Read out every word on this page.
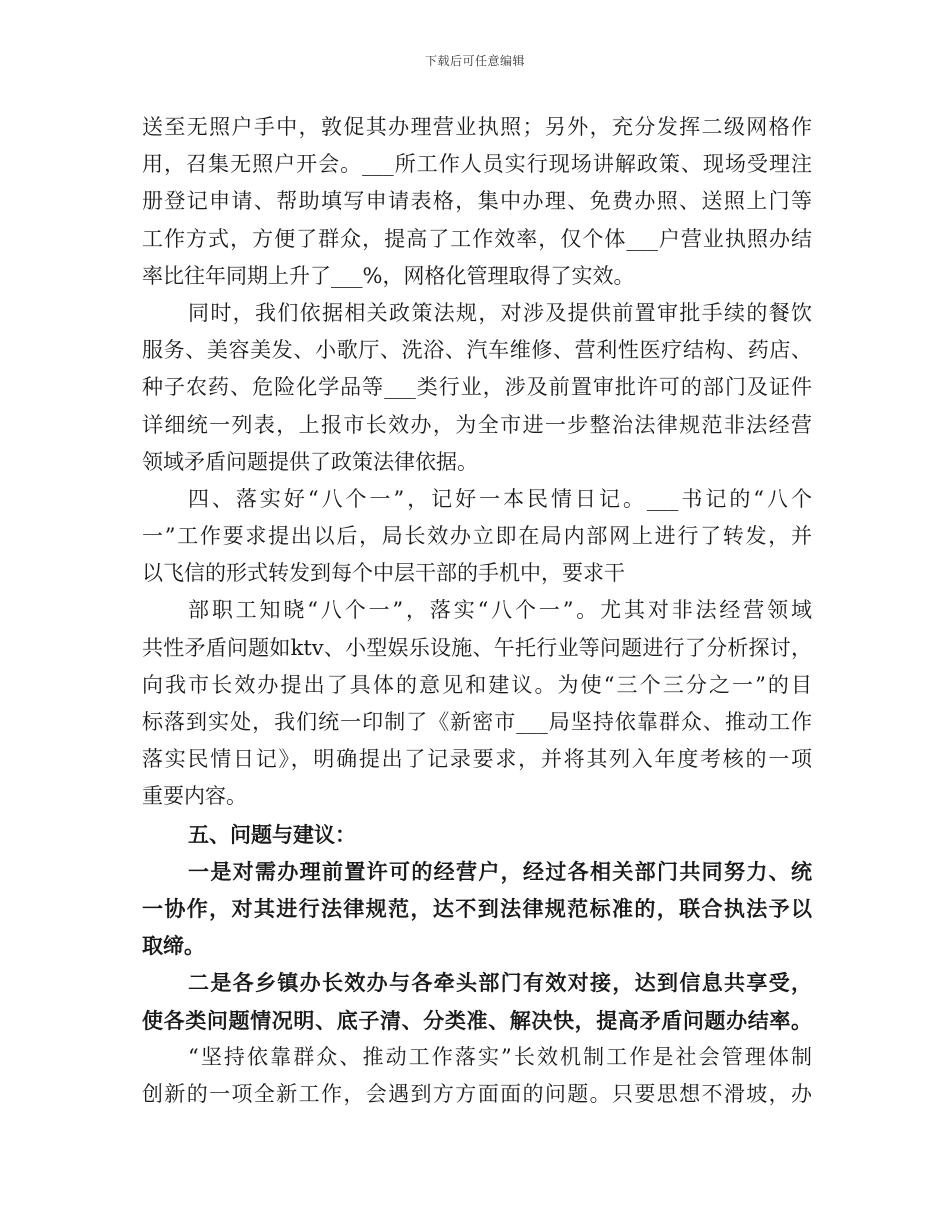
下载后可任意编辑
送至无照户手中，敦促其办理营业执照；另外，充分发挥二级网格作
用，召集无照户开会。___所工作人员实行现场讲解政策、现场受理注
册登记申请、帮助填写申请表格，集中办理、免费办照、送照上门等
工作方式，方便了群众，提高了工作效率，仅个体___户营业执照办结
率比往年同期上升了___%，网格化管理取得了实效。
同时，我们依据相关政策法规，对涉及提供前置审批手续的餐饮
服务、美容美发、小歌厅、洗浴、汽车维修、营利性医疗结构、药店、
种子农药、危险化学品等___类行业，涉及前置审批许可的部门及证件
详细统一列表，上报市长效办，为全市进一步整治法律规范非法经营
领域矛盾问题提供了政策法律依据。
四、落实好“八个一”，记好一本民情日记。___书记的“八个
一”工作要求提出以后，局长效办立即在局内部网上进行了转发，并
以飞信的形式转发到每个中层干部的手机中，要求干
部职工知晓“八个一”，落实“八个一”。尤其对非法经营领域
共性矛盾问题如ktv、小型娱乐设施、午托行业等问题进行了分析探讨，
向我市长效办提出了具体的意见和建议。为使“三个三分之一”的目
标落到实处，我们统一印制了《新密市___局坚持依靠群众、推动工作
落实民情日记》，明确提出了记录要求，并将其列入年度考核的一项
重要内容。
五、问题与建议：
一是对需办理前置许可的经营户，经过各相关部门共同努力、统
一协作，对其进行法律规范，达不到法律规范标准的，联合执法予以
取缔。
二是各乡镇办长效办与各牵头部门有效对接，达到信息共享受，
使各类问题情况明、底子清、分类准、解决快，提高矛盾问题办结率。
“坚持依靠群众、推动工作落实”长效机制工作是社会管理体制
创新的一项全新工作，会遇到方方面面的问题。只要思想不滑坡，办
